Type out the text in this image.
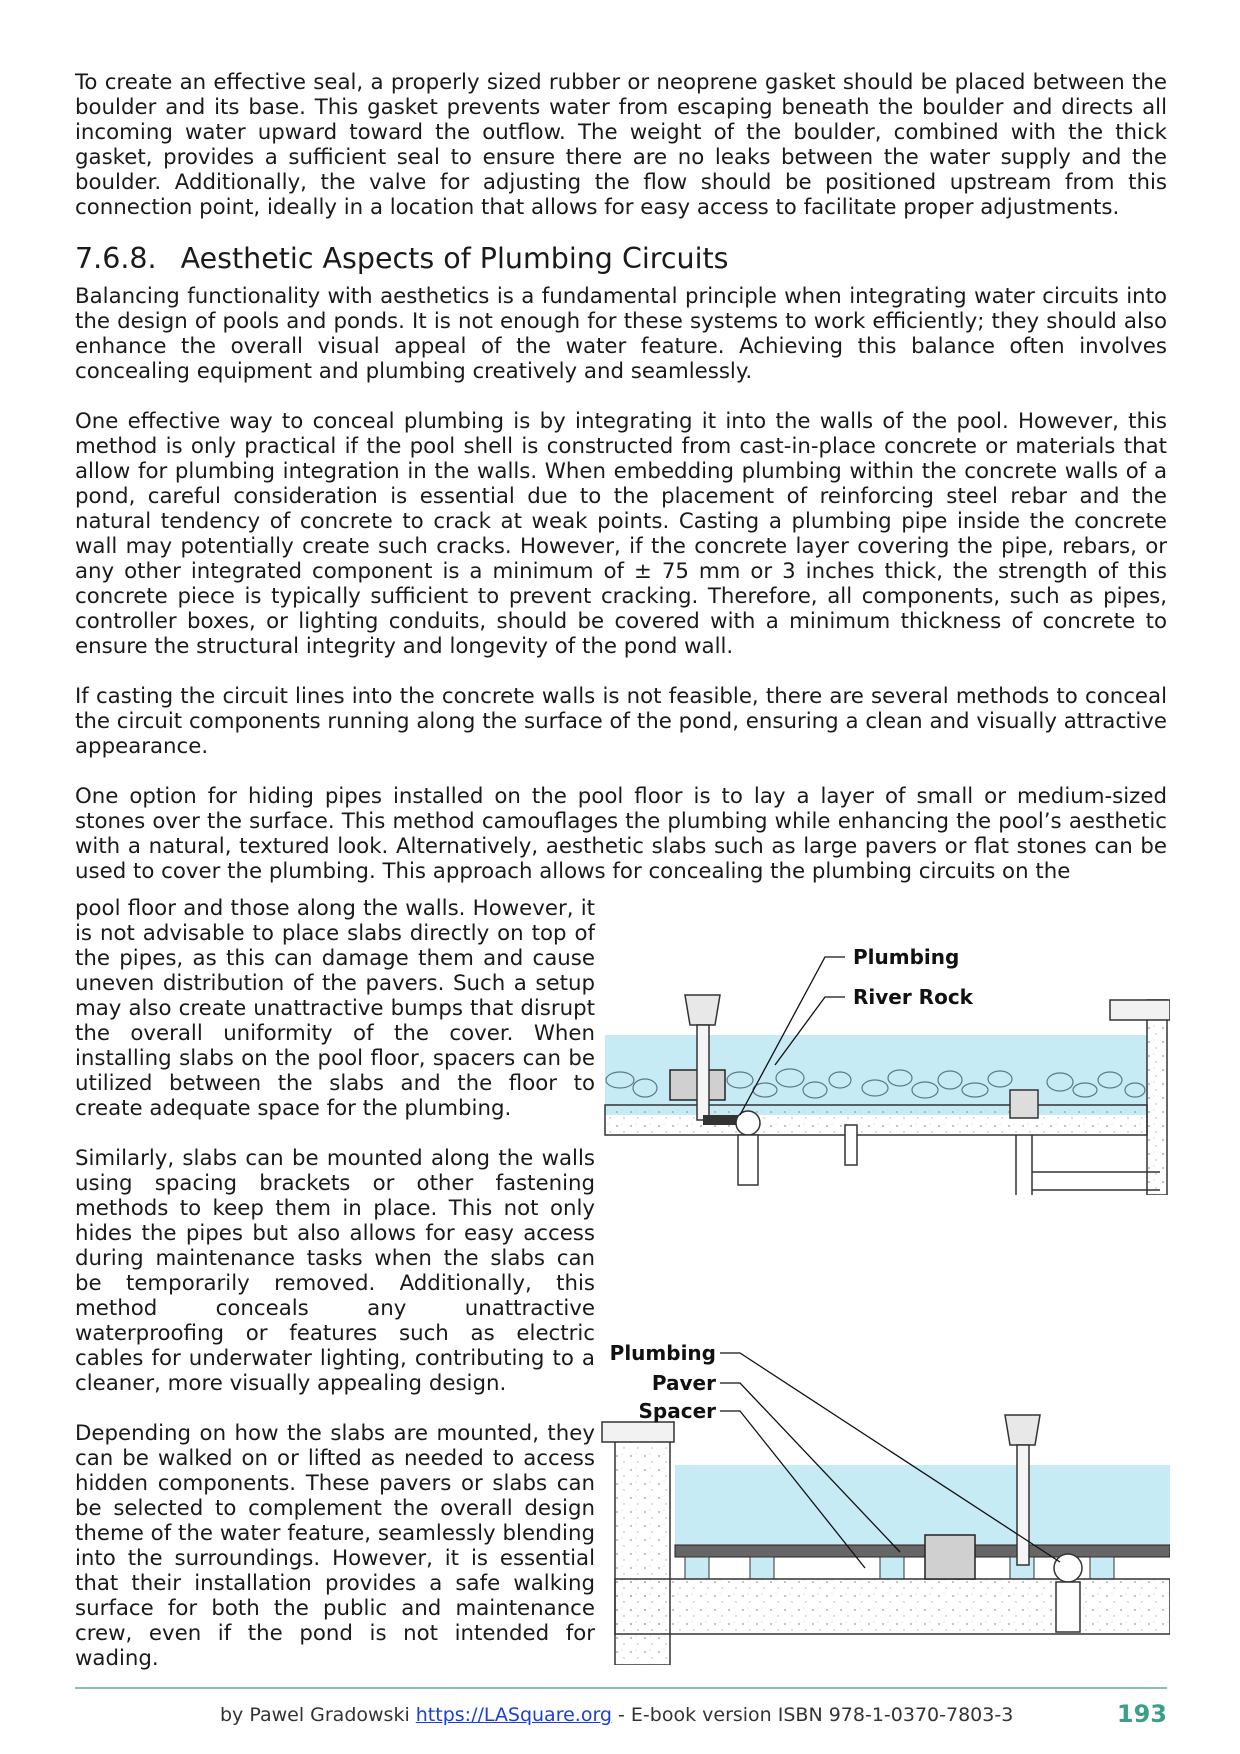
To create an effective seal, a properly sized rubber or neoprene gasket should be placed between the boulder and its base. This gasket prevents water from escaping beneath the boulder and directs all incoming water upward toward the outflow. The weight of the boulder, combined with the thick gasket, provides a sufficient seal to ensure there are no leaks between the water supply and the boulder. Additionally, the valve for adjusting the flow should be positioned upstream from this connection point, ideally in a location that allows for easy access to facilitate proper adjustments.

7.6.8. Aesthetic Aspects of Plumbing Circuits

Balancing functionality with aesthetics is a fundamental principle when integrating water circuits into the design of pools and ponds. It is not enough for these systems to work efficiently; they should also enhance the overall visual appeal of the water feature. Achieving this balance often involves concealing equipment and plumbing creatively and seamlessly.

One effective way to conceal plumbing is by integrating it into the walls of the pool. However, this method is only practical if the pool shell is constructed from cast-in-place concrete or materials that allow for plumbing integration in the walls. When embedding plumbing within the concrete walls of a pond, careful consideration is essential due to the placement of reinforcing steel rebar and the natural tendency of concrete to crack at weak points. Casting a plumbing pipe inside the concrete wall may potentially create such cracks. However, if the concrete layer covering the pipe, rebars, or any other integrated component is a minimum of ± 75 mm or 3 inches thick, the strength of this concrete piece is typically sufficient to prevent cracking. Therefore, all components, such as pipes, controller boxes, or lighting conduits, should be covered with a minimum thickness of concrete to ensure the structural integrity and longevity of the pond wall.

If casting the circuit lines into the concrete walls is not feasible, there are several methods to conceal the circuit components running along the surface of the pond, ensuring a clean and visually attractive appearance.

One option for hiding pipes installed on the pool floor is to lay a layer of small or medium-sized stones over the surface. This method camouflages the plumbing while enhancing the pool’s aesthetic with a natural, textured look. Alternatively, aesthetic slabs such as large pavers or flat stones can be used to cover the plumbing. This approach allows for concealing the plumbing circuits on the

pool floor and those along the walls. However, it is not advisable to place slabs directly on top of the pipes, as this can damage them and cause uneven distribution of the pavers. Such a setup may also create unattractive bumps that disrupt the overall uniformity of the cover. When installing slabs on the pool floor, spacers can be utilized between the slabs and the floor to create adequate space for the plumbing.

Similarly, slabs can be mounted along the walls using spacing brackets or other fastening methods to keep them in place. This not only hides the pipes but also allows for easy access during maintenance tasks when the slabs can be temporarily removed. Additionally, this method conceals any unattractive waterproofing or features such as electric cables for underwater lighting, contributing to a cleaner, more visually appealing design.

Depending on how the slabs are mounted, they can be walked on or lifted as needed to access hidden components. These pavers or slabs can be selected to complement the overall design theme of the water feature, seamlessly blending into the surroundings. However, it is essential that their installation provides a safe walking surface for both the public and maintenance crew, even if the pond is not intended for wading.

Plumbing
River Rock
Plumbing
Paver
Spacer
by Pawel Gradowski https://LASquare.org - E-book version ISBN 978-1-0370-7803-3	193
